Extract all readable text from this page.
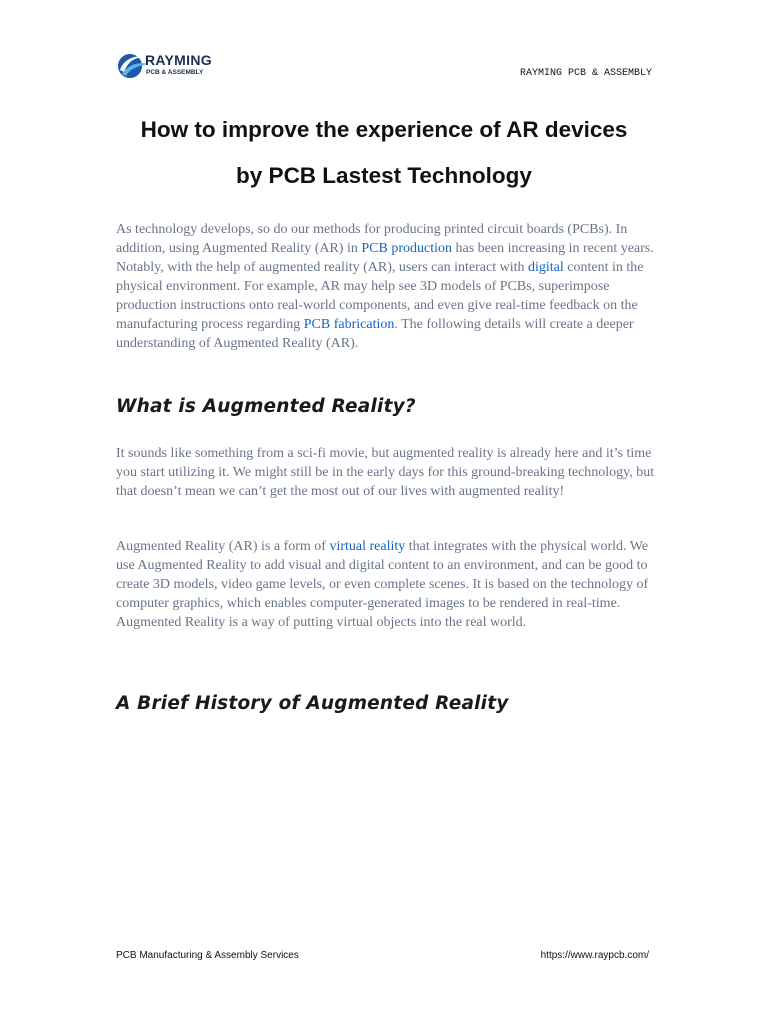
RAYMING
PCB & ASSEMBLY	RAYMING PCB & ASSEMBLY
How to improve the experience of AR devices
by PCB Lastest Technology

As technology develops, so do our methods for producing printed circuit boards (PCBs). In addition, using Augmented Reality (AR) in PCB production has been increasing in recent years. Notably, with the help of augmented reality (AR), users can interact with digital content in the physical environment. For example, AR may help see 3D models of PCBs, superimpose production instructions onto real-world components, and even give real-time feedback on the manufacturing process regarding PCB fabrication. The following details will create a deeper understanding of Augmented Reality (AR).

What is Augmented Reality?

It sounds like something from a sci-fi movie, but augmented reality is already here and it’s time you start utilizing it. We might still be in the early days for this ground-breaking technology, but that doesn’t mean we can’t get the most out of our lives with augmented reality!

Augmented Reality (AR) is a form of virtual reality that integrates with the physical world. We use Augmented Reality to add visual and digital content to an environment, and can be good to create 3D models, video game levels, or even complete scenes. It is based on the technology of computer graphics, which enables computer-generated images to be rendered in real-time. Augmented Reality is a way of putting virtual objects into the real world.

A Brief History of Augmented Reality
PCB Manufacturing & Assembly Services	https://www.raypcb.com/
